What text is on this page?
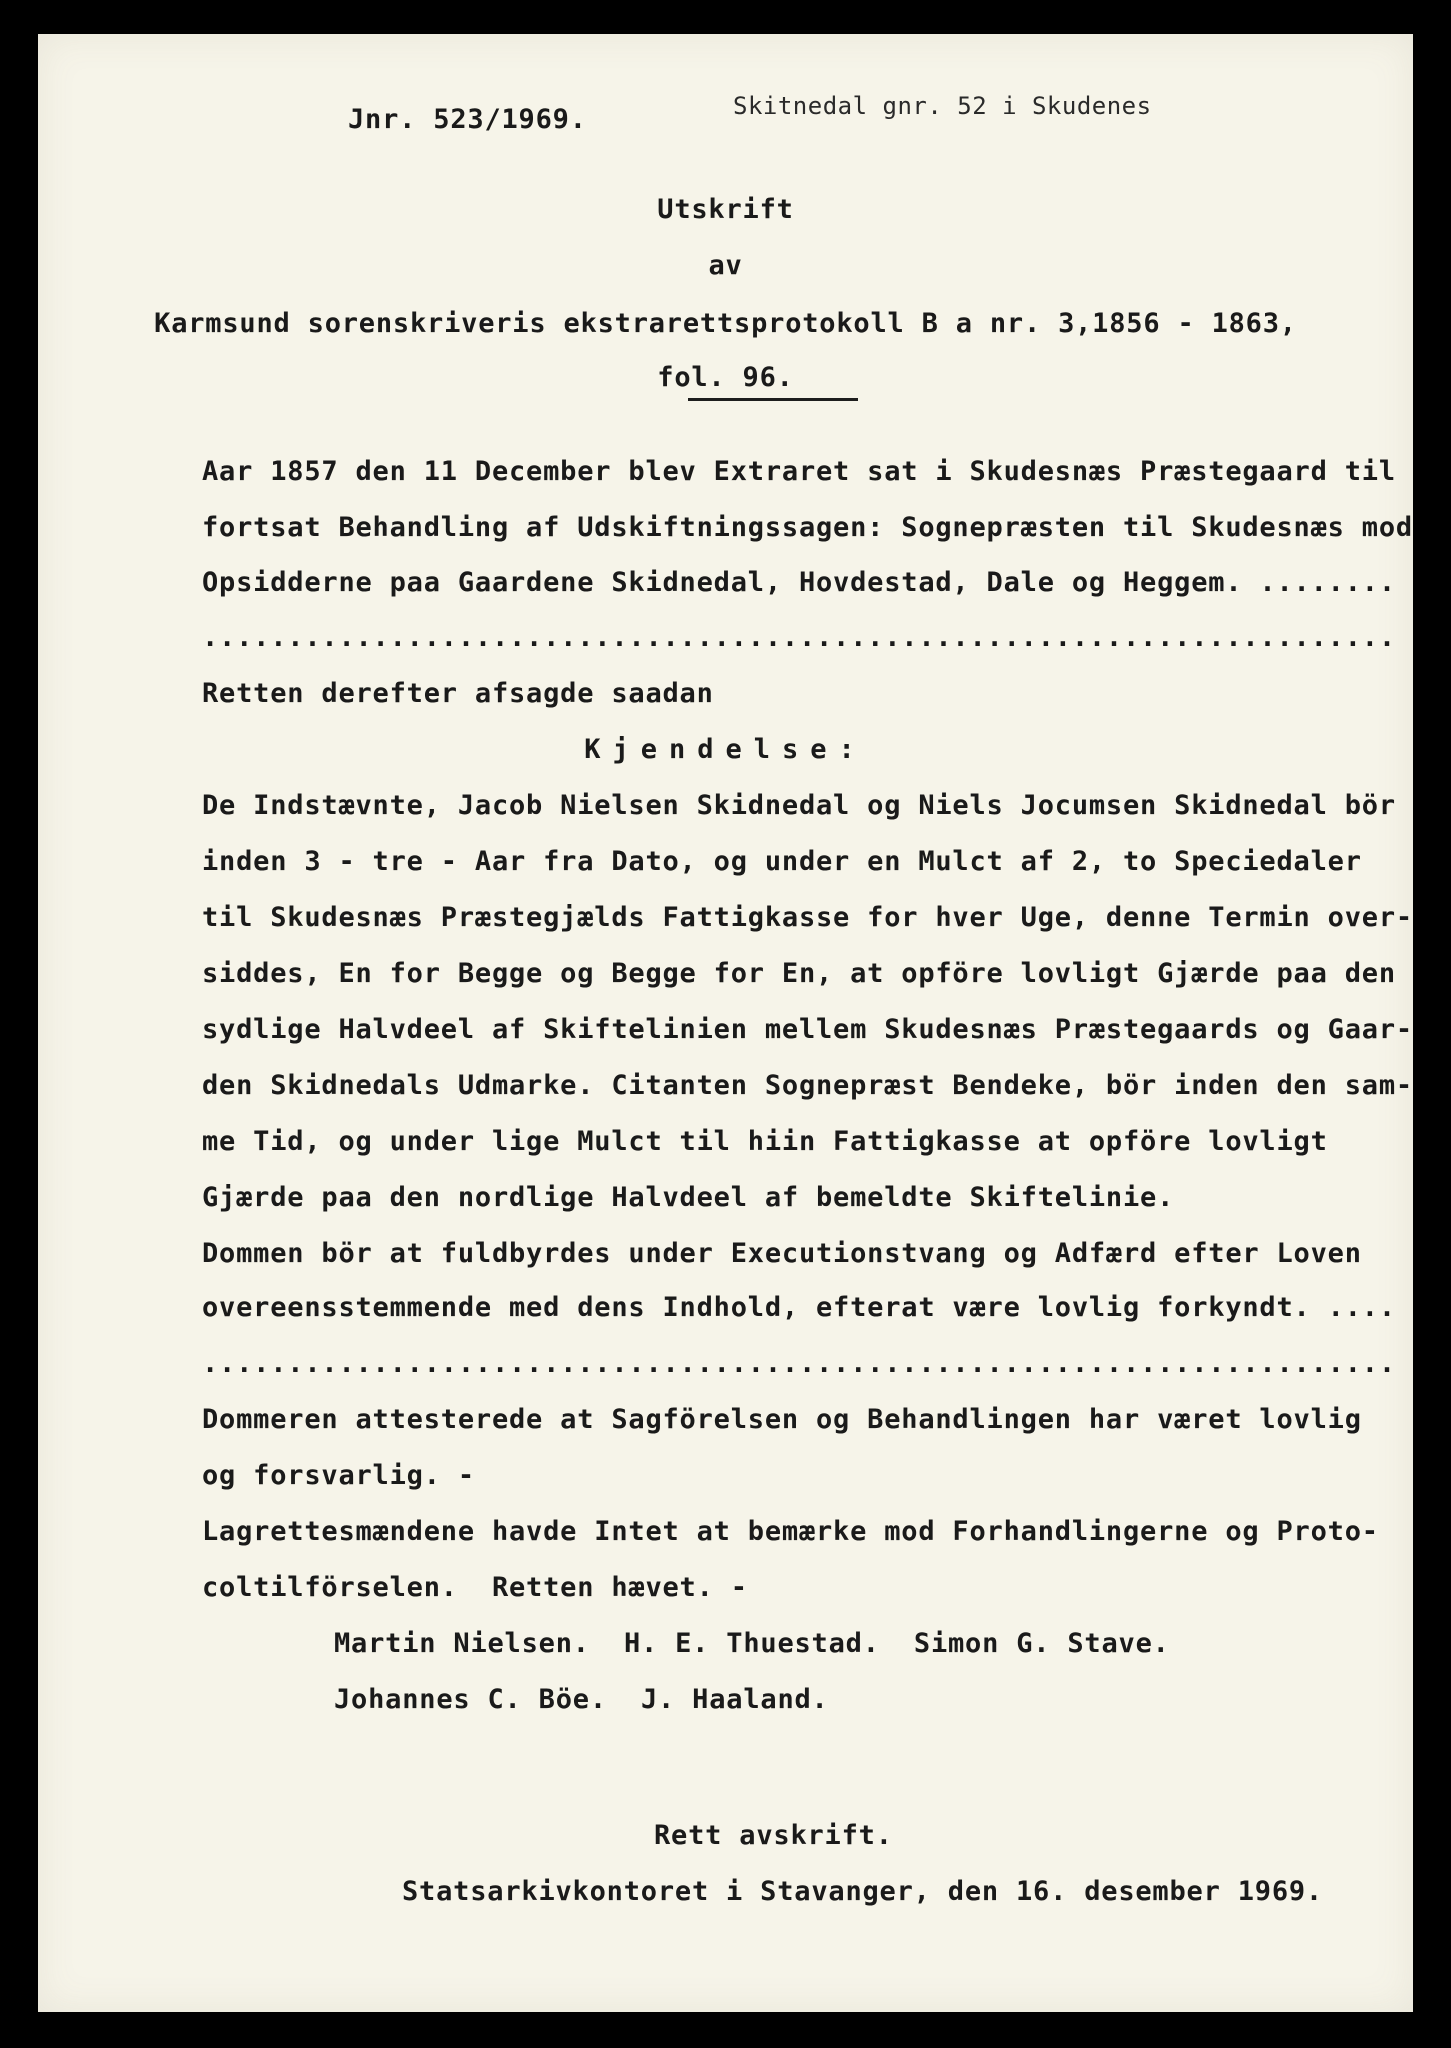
Jnr. 523/1969.	Skitnedal gnr. 52 i Skudenes
Utskrift
av
Karmsund sorenskriveris ekstrarettsprotokoll B a nr. 3,1856 - 1863,
fol. 96.
Aar 1857 den 11 December blev Extraret sat i Skudesnæs Præstegaard til
fortsat Behandling af Udskiftningssagen: Sognepræsten til Skudesnæs mod
Opsidderne paa Gaardene Skidnedal, Hovdestad, Dale og Heggem. ........
......................................................................
Retten derefter afsagde saadan
Kjendelse:
De Indstævnte, Jacob Nielsen Skidnedal og Niels Jocumsen Skidnedal bör
inden 3 - tre - Aar fra Dato, og under en Mulct af 2, to Speciedaler
til Skudesnæs Præstegjælds Fattigkasse for hver Uge, denne Termin over-
siddes, En for Begge og Begge for En, at opföre lovligt Gjærde paa den
sydlige Halvdeel af Skiftelinien mellem Skudesnæs Præstegaards og Gaar-
den Skidnedals Udmarke. Citanten Sognepræst Bendeke, bör inden den sam-
me Tid, og under lige Mulct til hiin Fattigkasse at opföre lovligt
Gjærde paa den nordlige Halvdeel af bemeldte Skiftelinie.
Dommen bör at fuldbyrdes under Executionstvang og Adfærd efter Loven
overeensstemmende med dens Indhold, efterat være lovlig forkyndt. ....
......................................................................
Dommeren attesterede at Sagförelsen og Behandlingen har været lovlig
og forsvarlig. -
Lagrettesmændene havde Intet at bemærke mod Forhandlingerne og Proto-
coltilförselen.  Retten hævet. -
Martin Nielsen.  H. E. Thuestad.  Simon G. Stave.
Johannes C. Böe.  J. Haaland.
Rett avskrift.
Statsarkivkontoret i Stavanger, den 16. desember 1969.
